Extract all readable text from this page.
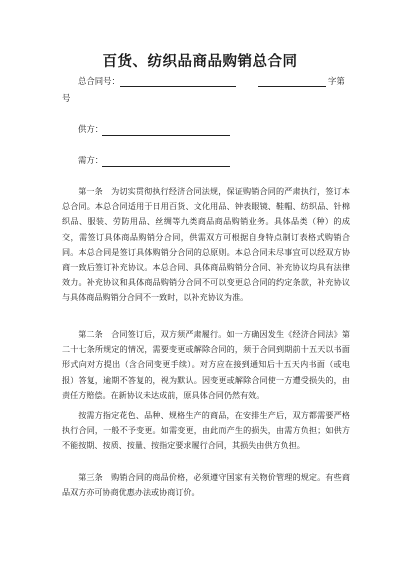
百货、纺织品商品购销总合同
总合同号：	字第
号
供方：
需方：
第一条　为切实贯彻执行经济合同法规，保证购销合同的严肃执行，签订本总合同。本总合同适用于日用百货、文化用品、钟表眼镜、鞋帽、纺织品、针棉织品、服装、劳防用品、丝绸等九类商品商品购销业务。具体品类（种）的成交，需签订具体商品购销分合同，供需双方可根据自身特点制订表格式购销合同。本总合同是签订具体购销分合同的总原则。本总合同未尽事宜可以经双方协商一致后签订补充协议。本总合同、具体商品购销分合同、补充协议均具有法律效力。补充协议和具体商品购销分合同不可以变更总合同的约定条款，补充协议与具体商品购销分合同不一致时，以补充协议为准。
第二条　合同签订后，双方须严肃履行。如一方确因发生《经济合同法》第二十七条所规定的情况，需要变更或解除合同的，须于合同到期前十五天以书面形式向对方提出（含合同变更手续）。对方应在接到通知后十五天内书面（或电报）答复，逾期不答复的，视为默认。因变更或解除合同使一方遭受损失的，由责任方赔偿。在新协议未达成前，原具体合同仍然有效。
按需方指定花色、品种、规格生产的商品，在安排生产后，双方都需要严格执行合同，一般不予变更。如需变更，由此而产生的损失，由需方负担；如供方不能按期、按质、按量、按指定要求履行合同，其损失由供方负担。
第三条　购销合同的商品价格，必须遵守国家有关物价管理的规定。有些商品双方亦可协商优惠办法或协商订价。
